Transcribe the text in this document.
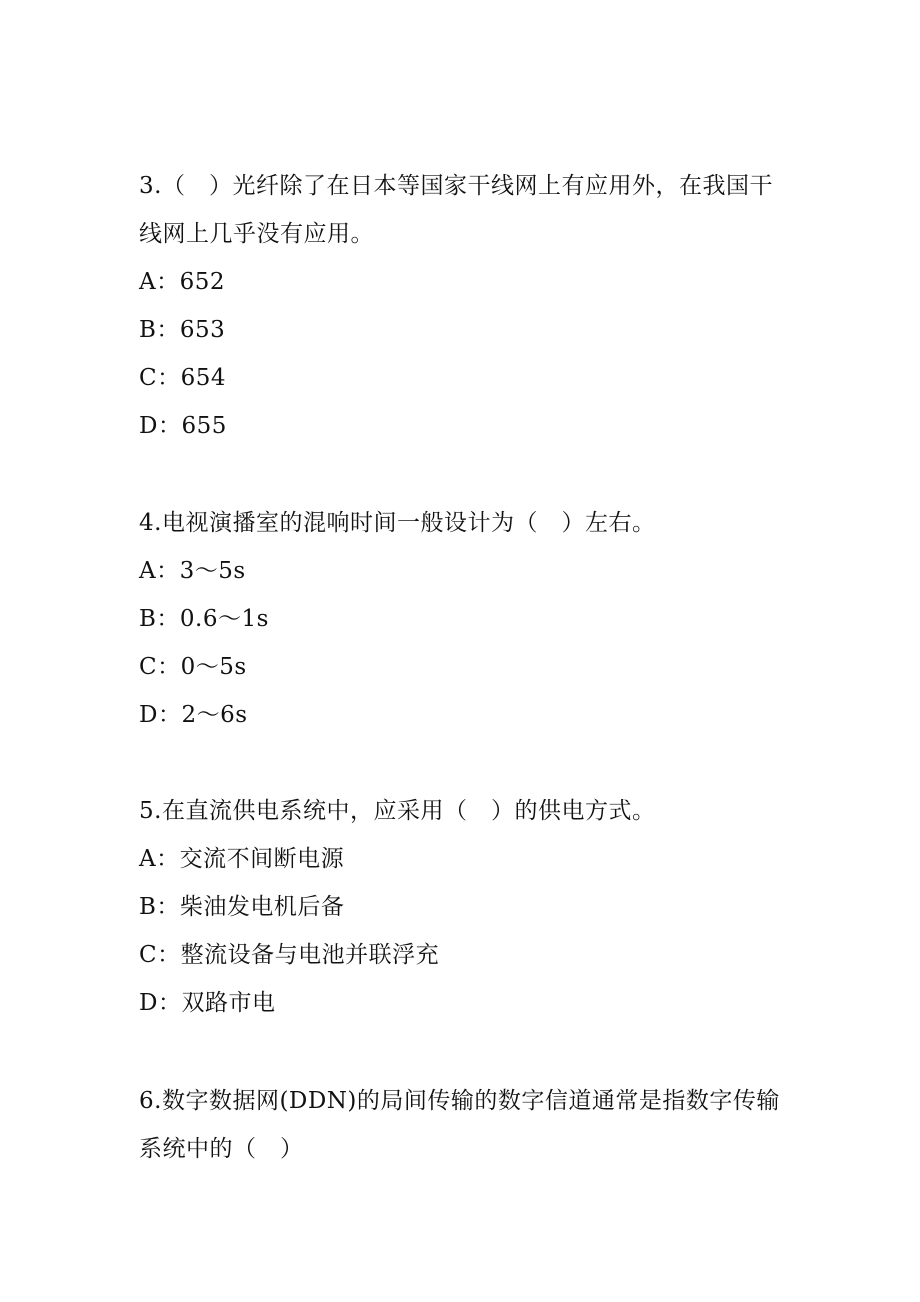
3.（　）光纤除了在日本等国家干线网上有应用外，在我国干线网上几乎没有应用。

A：652

B：653

C：654

D：655

4.电视演播室的混响时间一般设计为（　）左右。

A：3～5s

B：0.6～1s

C：0～5s

D：2～6s

5.在直流供电系统中，应采用（　）的供电方式。

A：交流不间断电源

B：柴油发电机后备

C：整流设备与电池并联浮充

D：双路市电

6.数字数据网(DDN)的局间传输的数字信道通常是指数字传输系统中的（　）
